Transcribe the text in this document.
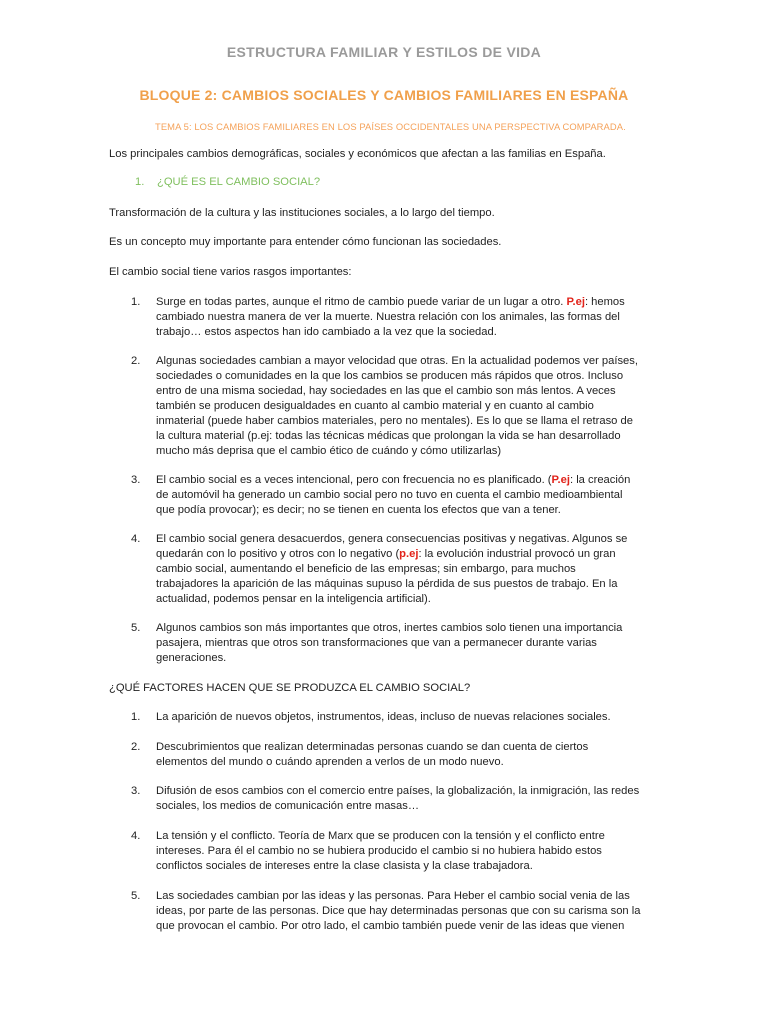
ESTRUCTURA FAMILIAR Y ESTILOS DE VIDA
BLOQUE 2: CAMBIOS SOCIALES Y CAMBIOS FAMILIARES EN ESPAÑA
TEMA 5: LOS CAMBIOS FAMILIARES EN LOS PAÍSES OCCIDENTALES UNA PERSPECTIVA COMPARADA.
Los principales cambios demográficas, sociales y económicos que afectan a las familias en España.
1. ¿QUÉ ES EL CAMBIO SOCIAL?
Transformación de la cultura y las instituciones sociales, a lo largo del tiempo.
Es un concepto muy importante para entender cómo funcionan las sociedades.
El cambio social tiene varios rasgos importantes:
1.	Surge en todas partes, aunque el ritmo de cambio puede variar de un lugar a otro. P.ej: hemos
cambiado nuestra manera de ver la muerte. Nuestra relación con los animales, las formas del
trabajo… estos aspectos han ido cambiado a la vez que la sociedad.
2.	Algunas sociedades cambian a mayor velocidad que otras. En la actualidad podemos ver países,
sociedades o comunidades en la que los cambios se producen más rápidos que otros. Incluso
entro de una misma sociedad, hay sociedades en las que el cambio son más lentos. A veces
también se producen desigualdades en cuanto al cambio material y en cuanto al cambio
inmaterial (puede haber cambios materiales, pero no mentales). Es lo que se llama el retraso de
la cultura material (p.ej: todas las técnicas médicas que prolongan la vida se han desarrollado
mucho más deprisa que el cambio ético de cuándo y cómo utilizarlas)
3.	El cambio social es a veces intencional, pero con frecuencia no es planificado. (P.ej: la creación
de automóvil ha generado un cambio social pero no tuvo en cuenta el cambio medioambiental
que podía provocar); es decir; no se tienen en cuenta los efectos que van a tener.
4.	El cambio social genera desacuerdos, genera consecuencias positivas y negativas. Algunos se
quedarán con lo positivo y otros con lo negativo (p.ej: la evolución industrial provocó un gran
cambio social, aumentando el beneficio de las empresas; sin embargo, para muchos
trabajadores la aparición de las máquinas supuso la pérdida de sus puestos de trabajo. En la
actualidad, podemos pensar en la inteligencia artificial).
5.	Algunos cambios son más importantes que otros, inertes cambios solo tienen una importancia
pasajera, mientras que otros son transformaciones que van a permanecer durante varias
generaciones.
¿QUÉ FACTORES HACEN QUE SE PRODUZCA EL CAMBIO SOCIAL?
1.	La aparición de nuevos objetos, instrumentos, ideas, incluso de nuevas relaciones sociales.
2.	Descubrimientos que realizan determinadas personas cuando se dan cuenta de ciertos
elementos del mundo o cuándo aprenden a verlos de un modo nuevo.
3.	Difusión de esos cambios con el comercio entre países, la globalización, la inmigración, las redes
sociales, los medios de comunicación entre masas…
4.	La tensión y el conflicto. Teoría de Marx que se producen con la tensión y el conflicto entre
intereses. Para él el cambio no se hubiera producido el cambio si no hubiera habido estos
conflictos sociales de intereses entre la clase clasista y la clase trabajadora.
5.	Las sociedades cambian por las ideas y las personas. Para Heber el cambio social venia de las
ideas, por parte de las personas. Dice que hay determinadas personas que con su carisma son la
que provocan el cambio. Por otro lado, el cambio también puede venir de las ideas que vienen
